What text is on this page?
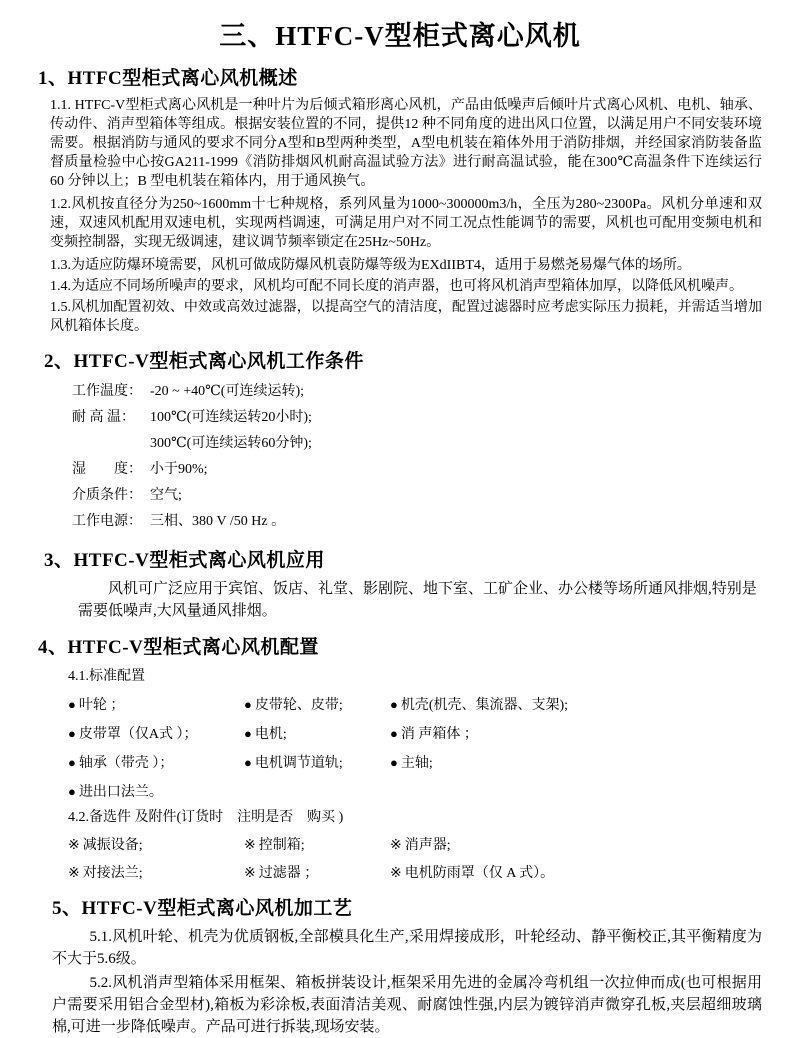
三、HTFC-V型柜式离心风机
1、HTFC型柜式离心风机概述

1.1. HTFC-V型柜式离心风机是一种叶片为后倾式箱形离心风机，产品由低噪声后倾叶片式离心风机、电机、轴承、传动件、消声型箱体等组成。根据安装位置的不同，提供12 种不同角度的进出风口位置，以满足用户不同安装环境需要。根据消防与通风的要求不同分A型和B型两种类型，A型电机装在箱体外用于消防排烟，并经国家消防装备监督质量检验中心按GA211-1999《消防排烟风机耐高温试验方法》进行耐高温试验，能在300℃高温条件下连续运行60 分钟以上；B 型电机装在箱体内，用于通风换气。

1.2.风机按直径分为250~1600mm十七种规格，系列风量为1000~300000m3/h，全压为280~2300Pa。风机分单速和双速，双速风机配用双速电机，实现两档调速，可满足用户对不同工况点性能调节的需要，风机也可配用变频电机和变频控制器，实现无级调速，建议调节频率锁定在25Hz~50Hz。

1.3.为适应防爆环境需要，风机可做成防爆风机袁防爆等级为EXdIIBT4，适用于易燃尧易爆气体的场所。

1.4.为适应不同场所噪声的要求，风机均可配不同长度的消声器，也可将风机消声型箱体加厚，以降低风机噪声。

1.5.风机加配置初效、中效或高效过滤器，以提高空气的清洁度，配置过滤器时应考虑实际压力损耗，并需适当增加风机箱体长度。

2、HTFC-V型柜式离心风机工作条件
工作温度： -20 ~ +40℃(可连续运转);
耐 高 温：	100℃(可连续运转20小时);
300℃(可连续运转60分钟);
湿　　度： 小于90%;
介质条件： 空气;
工作电源： 三相、380 V /50 Hz 。
3、HTFC-V型柜式离心风机应用

风机可广泛应用于宾馆、饭店、礼堂、影剧院、地下室、工矿企业、办公楼等场所通风排烟,特别是需要低噪声,大风量通风排烟。

4、HTFC-V型柜式离心风机配置
4.1.标准配置
● 叶轮 ；	● 皮带轮、皮带;	● 机壳(机壳、集流器、支架);
● 皮带罩（仅A式 ）；	● 电机;	● 消 声箱体 ；
● 轴承（带壳 ）；	● 电机调节道轨;	● 主轴;
● 进出口法兰。
4.2.备选件 及附件(订货时　注明是否　购买 )
※ 减振设备;	※ 控制箱;	※ 消声器;
※ 对接法兰;	※ 过滤器 ；	※ 电机防雨罩（仅 A 式）。
5、HTFC-V型柜式离心风机加工艺

5.1.风机叶轮、机壳为优质钢板,全部模具化生产,采用焊接成形，叶轮经动、静平衡校正,其平衡精度为不大于5.6级。

5.2.风机消声型箱体采用框架、箱板拼装设计,框架采用先进的金属冷弯机组一次拉伸而成(也可根据用户需要采用铝合金型材),箱板为彩涂板,表面清洁美观、耐腐蚀性强,内层为镀锌消声微穿孔板,夹层超细玻璃棉,可进一步降低噪声。产品可进行拆装,现场安装。
